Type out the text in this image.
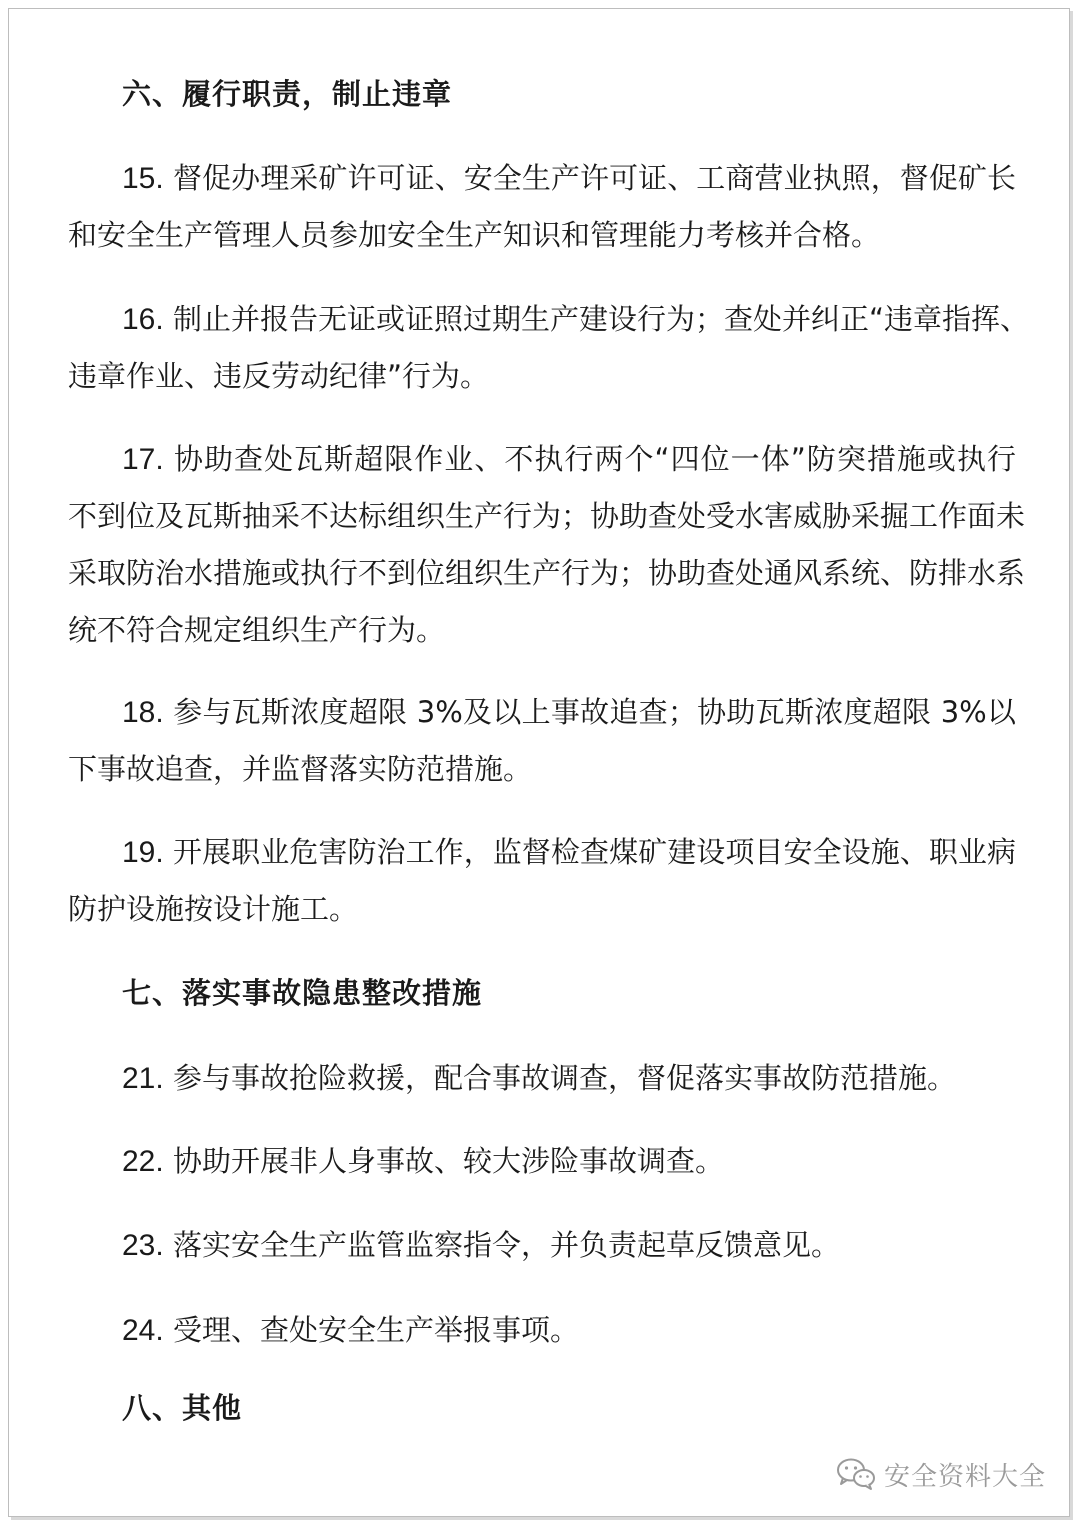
六、履行职责，制止违章
15. 督促办理采矿许可证、安全生产许可证、工商营业执照，督促矿长
和安全生产管理人员参加安全生产知识和管理能力考核并合格。
16. 制止并报告无证或证照过期生产建设行为；查处并纠正“违章指挥、
违章作业、违反劳动纪律”行为。
17. 协助查处瓦斯超限作业、不执行两个“四位一体”防突措施或执行
不到位及瓦斯抽采不达标组织生产行为；协助查处受水害威胁采掘工作面未
采取防治水措施或执行不到位组织生产行为；协助查处通风系统、防排水系
统不符合规定组织生产行为。
18. 参与瓦斯浓度超限 3%及以上事故追查；协助瓦斯浓度超限 3%以
下事故追查，并监督落实防范措施。
19. 开展职业危害防治工作，监督检查煤矿建设项目安全设施、职业病
防护设施按设计施工。
七、落实事故隐患整改措施
21. 参与事故抢险救援，配合事故调查，督促落实事故防范措施。
22. 协助开展非人身事故、较大涉险事故调查。
23. 落实安全生产监管监察指令，并负责起草反馈意见。
24. 受理、查处安全生产举报事项。
八、其他
安全资料大全
